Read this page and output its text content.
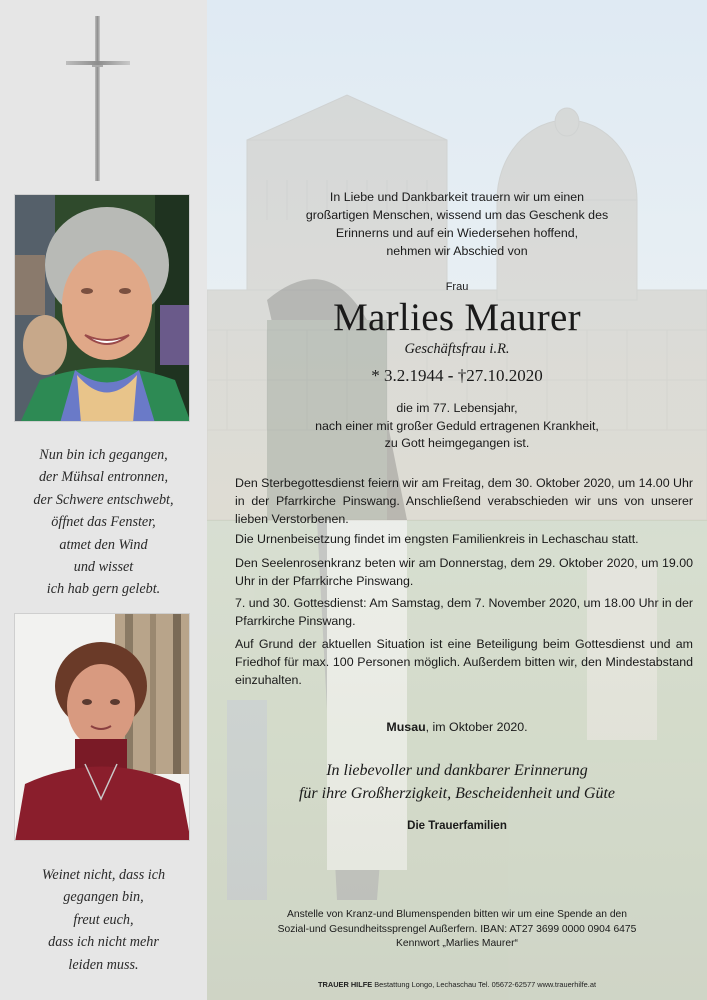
Nun bin ich gegangen,
der Mühsal entronnen,
der Schwere entschwebt,
öffnet das Fenster,
atmet den Wind
und wisset
ich hab gern gelebt.
Weinet nicht, dass ich
gegangen bin,
freut euch,
dass ich nicht mehr
leiden muss.
In Liebe und Dankbarkeit trauern wir um einen
großartigen Menschen, wissend um das Geschenk des
Erinnerns und auf ein Wiedersehen hoffend,
nehmen wir Abschied von
Frau
Marlies Maurer
Geschäftsfrau i.R.
* 3.2.1944 - †27.10.2020
die im 77. Lebensjahr,
nach einer mit großer Geduld ertragenen Krankheit,
zu Gott heimgegangen ist.
Den Sterbegottesdienst feiern wir am Freitag, dem 30. Oktober 2020, um 14.00 Uhr in der Pfarrkirche Pinswang. Anschließend verabschieden wir uns von unserer lieben Verstorbenen.
Die Urnenbeisetzung findet im engsten Familienkreis in Lechaschau statt.
Den Seelenrosenkranz beten wir am Donnerstag, dem 29. Oktober 2020, um 19.00 Uhr in der Pfarrkirche Pinswang.
7. und 30. Gottesdienst: Am Samstag, dem 7. November 2020, um 18.00 Uhr in der Pfarrkirche Pinswang.
Auf Grund der aktuellen Situation ist eine Beteiligung beim Gottesdienst und am Friedhof für max. 100 Personen möglich. Außerdem bitten wir, den Mindestabstand einzuhalten.
Musau, im Oktober 2020.
In liebevoller und dankbarer Erinnerung
für ihre Großherzigkeit, Bescheidenheit und Güte
Die Trauerfamilien
Anstelle von Kranz-und Blumenspenden bitten wir um eine Spende an den
Sozial-und Gesundheitssprengel Außerfern. IBAN: AT27 3699 0000 0904 6475
Kennwort „Marlies Maurer“
TRAUER HILFE Bestattung Longo, Lechaschau Tel. 05672-62577 www.trauerhilfe.at
